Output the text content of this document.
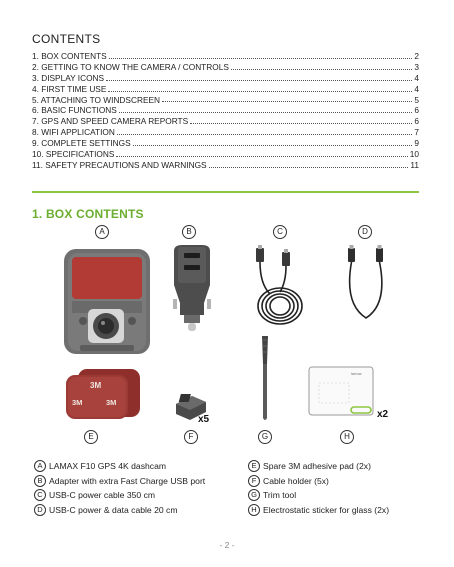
CONTENTS
1. BOX CONTENTS	2
2. GETTING TO KNOW THE CAMERA / CONTROLS	3
3. DISPLAY ICONS	4
4. FIRST TIME USE	4
5. ATTACHING TO WINDSCREEN	5
6. BASIC FUNCTIONS	6
7. GPS AND SPEED CAMERA REPORTS	6
8. WIFI APPLICATION	7
9. COMPLETE SETTINGS	9
10. SPECIFICATIONS	10
11. SAFETY PRECAUTIONS AND WARNINGS	11
1. BOX CONTENTS
A	B	C	D
3M
3M	3M
x5
lamax
x2
E	F	G	H
A LAMAX F10 GPS 4K dashcam
B Adapter with extra Fast Charge USB port
C USB-C power cable 350 cm
D USB-C power & data cable 20 cm
E Spare 3M adhesive pad (2x)
F Cable holder (5x)
G Trim tool
H Electrostatic sticker for glass (2x)
- 2 -
